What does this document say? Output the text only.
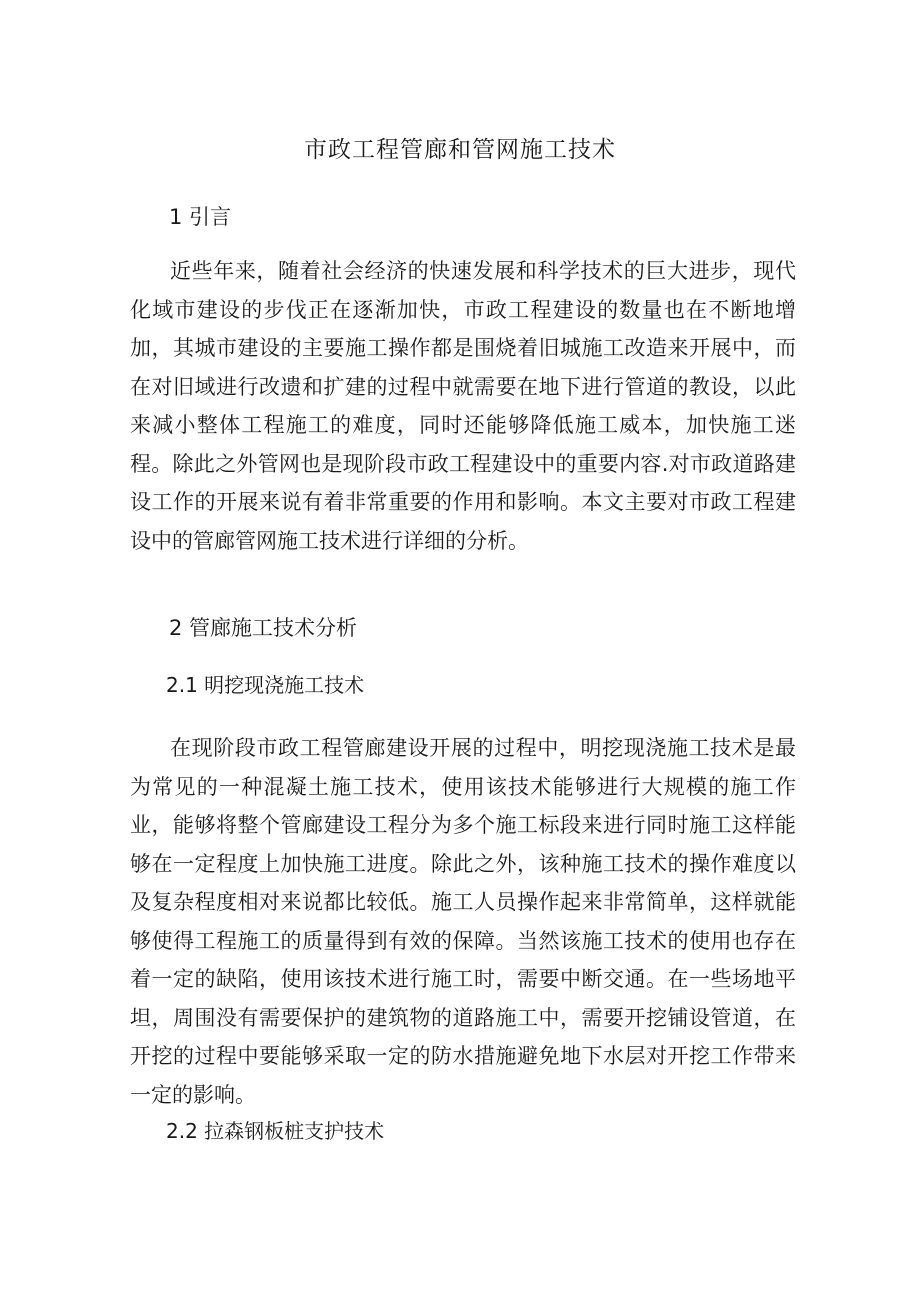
市政工程管廊和管网施工技术
1 引言

近些年来，随着社会经济的快速发展和科学技术的巨大进步，现代化域市建设的步伐正在逐渐加快，市政工程建设的数量也在不断地增加，其城市建设的主要施工操作都是围烧着旧城施工改造来开展中，而在对旧域进行改遗和扩建的过程中就需要在地下进行管道的教设，以此来减小整体工程施工的难度，同时还能够降低施工威本，加快施工迷程。除此之外管网也是现阶段市政工程建设中的重要内容.对市政道路建设工作的开展来说有着非常重要的作用和影响。本文主要对市政工程建设中的管廊管网施工技术进行详细的分析。

2 管廊施工技术分析
2.1 明挖现浇施工技术

在现阶段市政工程管廊建设开展的过程中，明挖现浇施工技术是最为常见的一种混凝土施工技术，使用该技术能够进行大规模的施工作业，能够将整个管廊建设工程分为多个施工标段来进行同时施工这样能够在一定程度上加快施工进度。除此之外，该种施工技术的操作难度以及复杂程度相对来说都比较低。施工人员操作起来非常简单，这样就能够使得工程施工的质量得到有效的保障。当然该施工技术的使用也存在着一定的缺陷，使用该技术进行施工时，需要中断交通。在一些场地平坦，周围没有需要保护的建筑物的道路施工中，需要开挖铺设管道，在开挖的过程中要能够采取一定的防水措施避免地下水层对开挖工作带来一定的影响。

2.2 拉森钢板桩支护技术
